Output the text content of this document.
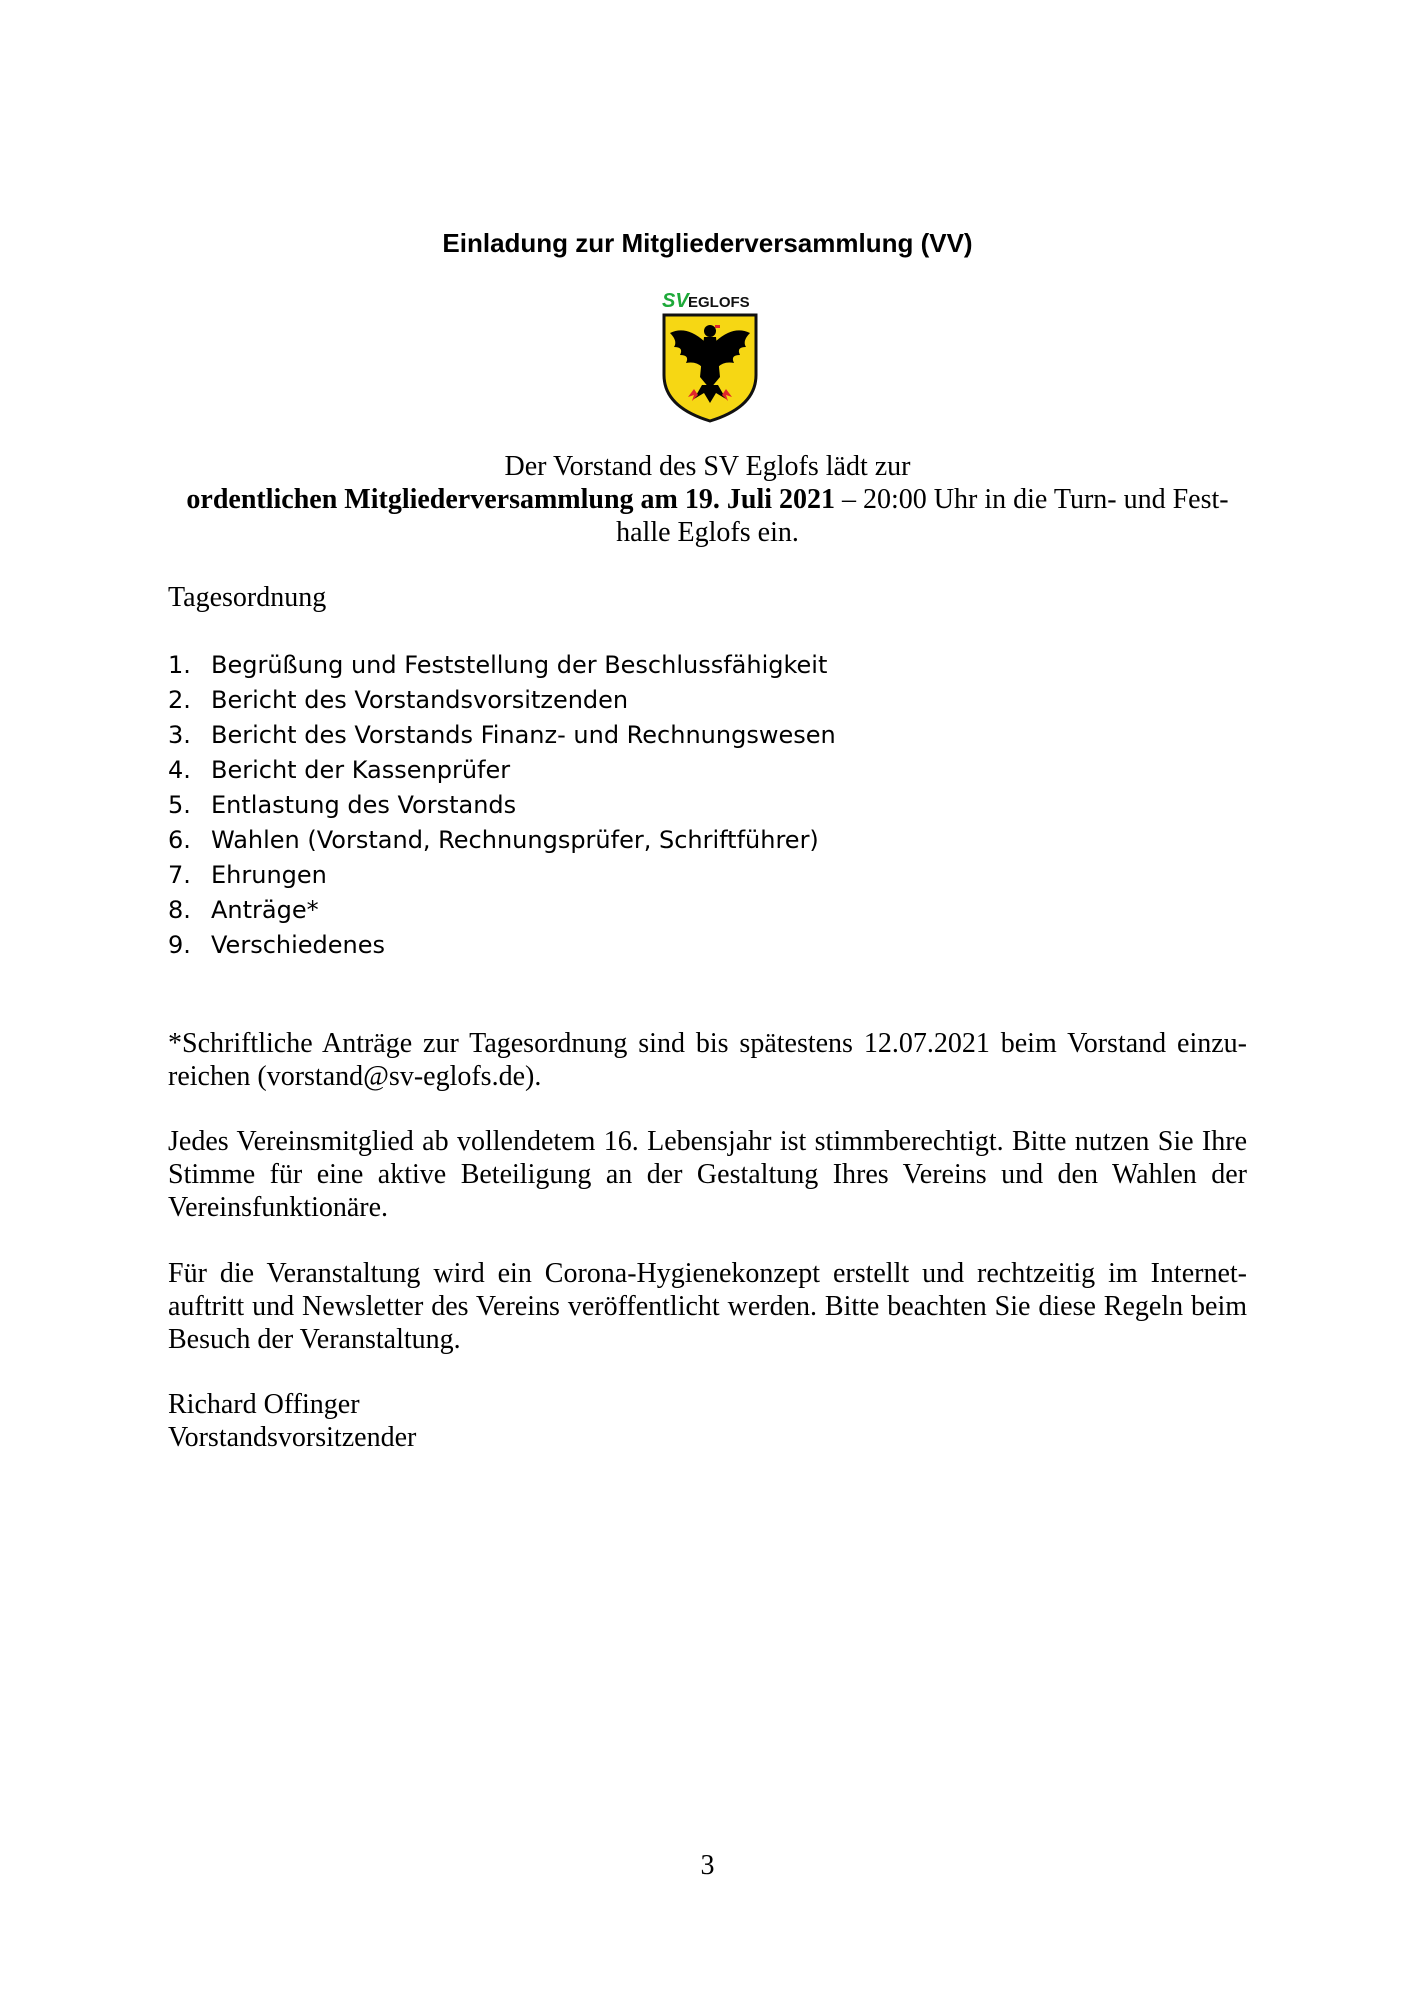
Einladung zur Mitgliederversammlung (VV)
SV EGLOFS
Der Vorstand des SV Eglofs lädt zur
ordentlichen Mitgliederversammlung am 19. Juli 2021 – 20:00 Uhr in die Turn- und Fest-halle Eglofs ein.
Tagesordnung
1. Begrüßung und Feststellung der Beschlussfähigkeit
2. Bericht des Vorstandsvorsitzenden
3. Bericht des Vorstands Finanz- und Rechnungswesen
4. Bericht der Kassenprüfer
5. Entlastung des Vorstands
6. Wahlen (Vorstand, Rechnungsprüfer, Schriftführer)
7. Ehrungen
8. Anträge*
9. Verschiedenes

*Schriftliche Anträge zur Tagesordnung sind bis spätestens 12.07.2021 beim Vorstand einzu-reichen (vorstand@sv-eglofs.de).

Jedes Vereinsmitglied ab vollendetem 16. Lebensjahr ist stimmberechtigt. Bitte nutzen Sie Ihre Stimme für eine aktive Beteiligung an der Gestaltung Ihres Vereins und den Wahlen der Vereinsfunktionäre.

Für die Veranstaltung wird ein Corona-Hygienekonzept erstellt und rechtzeitig im Internet-auftritt und Newsletter des Vereins veröffentlicht werden. Bitte beachten Sie diese Regeln beim Besuch der Veranstaltung.

Richard Offinger
Vorstandsvorsitzender
3
